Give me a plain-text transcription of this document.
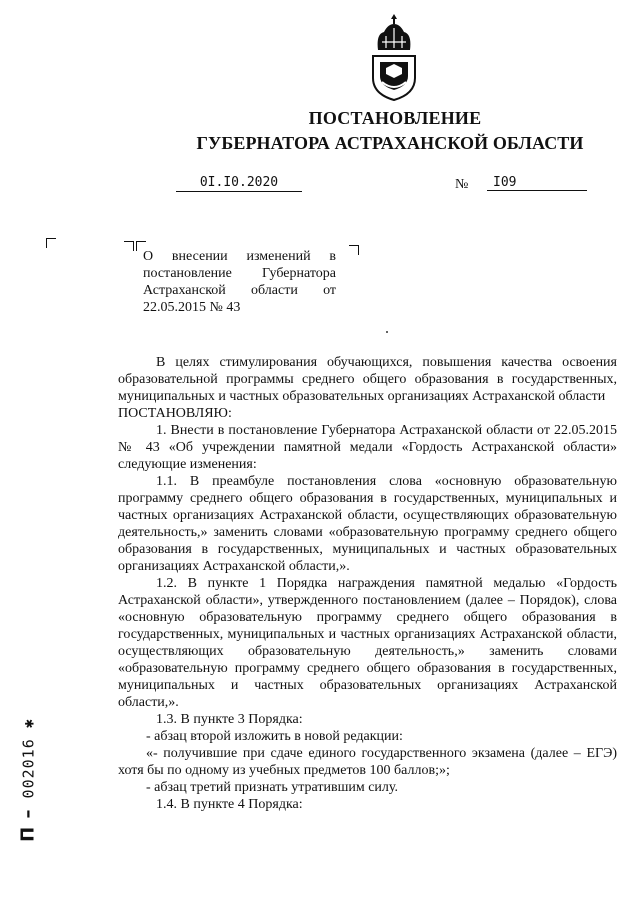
ПОСТАНОВЛЕНИЕ
ГУБЕРНАТОРА АСТРАХАНСКОЙ ОБЛАСТИ
0I.I0.2020	№	I09
О внесении изменений в постановление Губернатора Астраханской области от 22.05.2015 № 43

В целях стимулирования обучающихся, повышения качества освоения образовательной программы среднего общего образования в государственных, муниципальных и частных образовательных организациях Астраханской области

ПОСТАНОВЛЯЮ:

1. Внести в постановление Губернатора Астраханской области от 22.05.2015 № 43 «Об учреждении памятной медали «Гордость Астраханской области» следующие изменения:

1.1. В преамбуле постановления слова «основную образовательную программу среднего общего образования в государственных, муниципальных и частных организациях Астраханской области, осуществляющих образовательную деятельность,» заменить словами «образовательную программу среднего общего образования в государственных, муниципальных и частных образовательных организациях Астраханской области,».

1.2. В пункте 1 Порядка награждения памятной медалью «Гордость Астраханской области», утвержденного постановлением (далее – Порядок), слова «основную образовательную программу среднего общего образования в государственных, муниципальных и частных организациях Астраханской области, осуществляющих образовательную деятельность,» заменить словами «образовательную программу среднего общего образования в государственных, муниципальных и частных образовательных организациях Астраханской области,».

1.3. В пункте 3 Порядка:

- абзац второй изложить в новой редакции:

«- получившие при сдаче единого государственного экзамена (далее – ЕГЭ) хотя бы по одному из учебных предметов 100 баллов;»;

- абзац третий признать утратившим силу.

1.4. В пункте 4 Порядка:

П – 002016 ✱
